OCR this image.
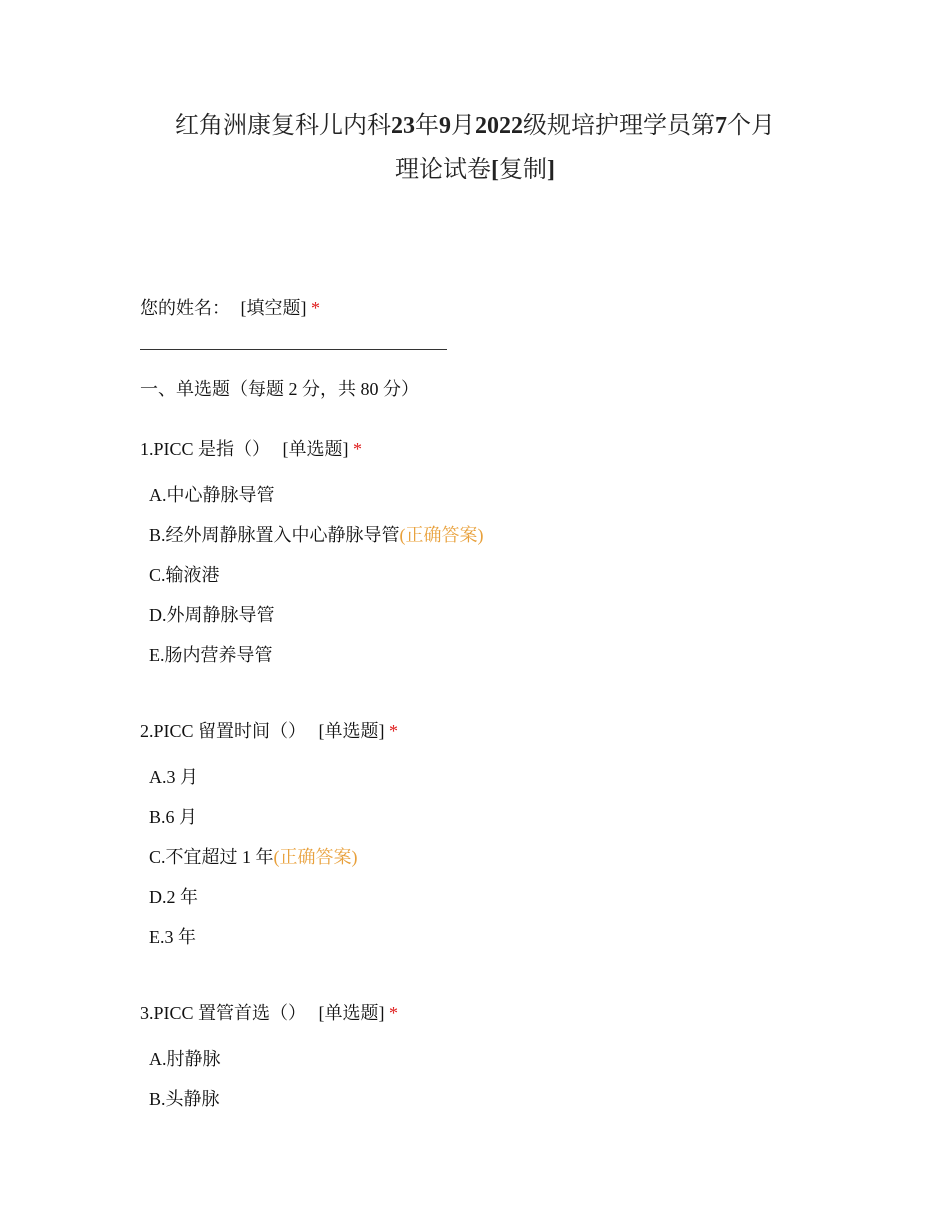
红角洲康复科儿内科23年9月2022级规培护理学员第7个月
理论试卷[复制]
您的姓名： [填空题] *
一、单选题（每题 2 分，共 80 分）
1.PICC 是指（） [单选题] *
A.中心静脉导管
B.经外周静脉置入中心静脉导管(正确答案)
C.输液港
D.外周静脉导管
E.肠内营养导管
2.PICC 留置时间（） [单选题] *
A.3 月
B.6 月
C.不宜超过 1 年(正确答案)
D.2 年
E.3 年
3.PICC 置管首选（） [单选题] *
A.肘静脉
B.头静脉
